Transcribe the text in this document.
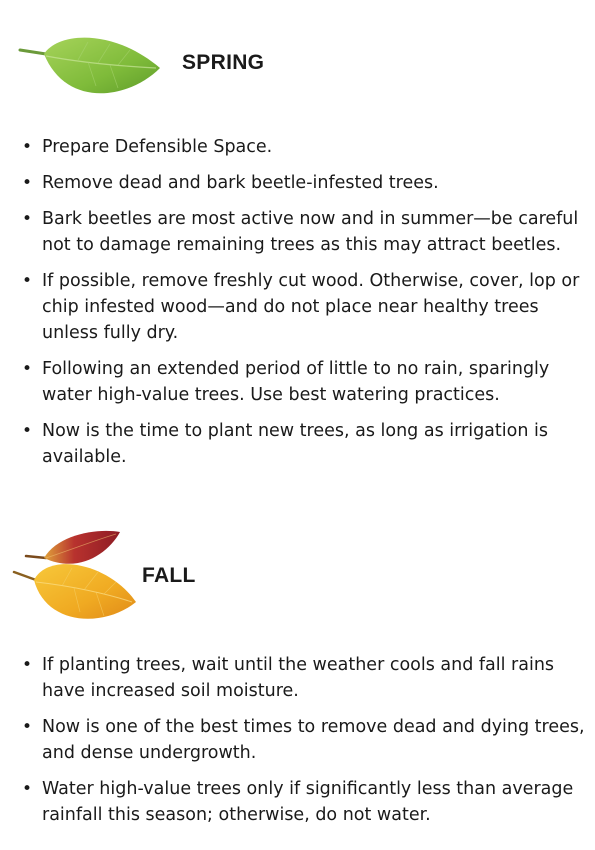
SPRING
• Prepare Defensible Space.
• Remove dead and bark beetle-infested trees.
• Bark beetles are most active now and in summer—be careful not to damage remaining trees as this may attract beetles.
• If possible, remove freshly cut wood. Otherwise, cover, lop or chip infested wood—and do not place near healthy trees unless fully dry.
• Following an extended period of little to no rain, sparingly water high-value trees. Use best watering practices.
• Now is the time to plant new trees, as long as irrigation is available.
FALL
• If planting trees, wait until the weather cools and fall rains have increased soil moisture.
• Now is one of the best times to remove dead and dying trees, and dense undergrowth.
• Water high-value trees only if significantly less than average rainfall this season; otherwise, do not water.
